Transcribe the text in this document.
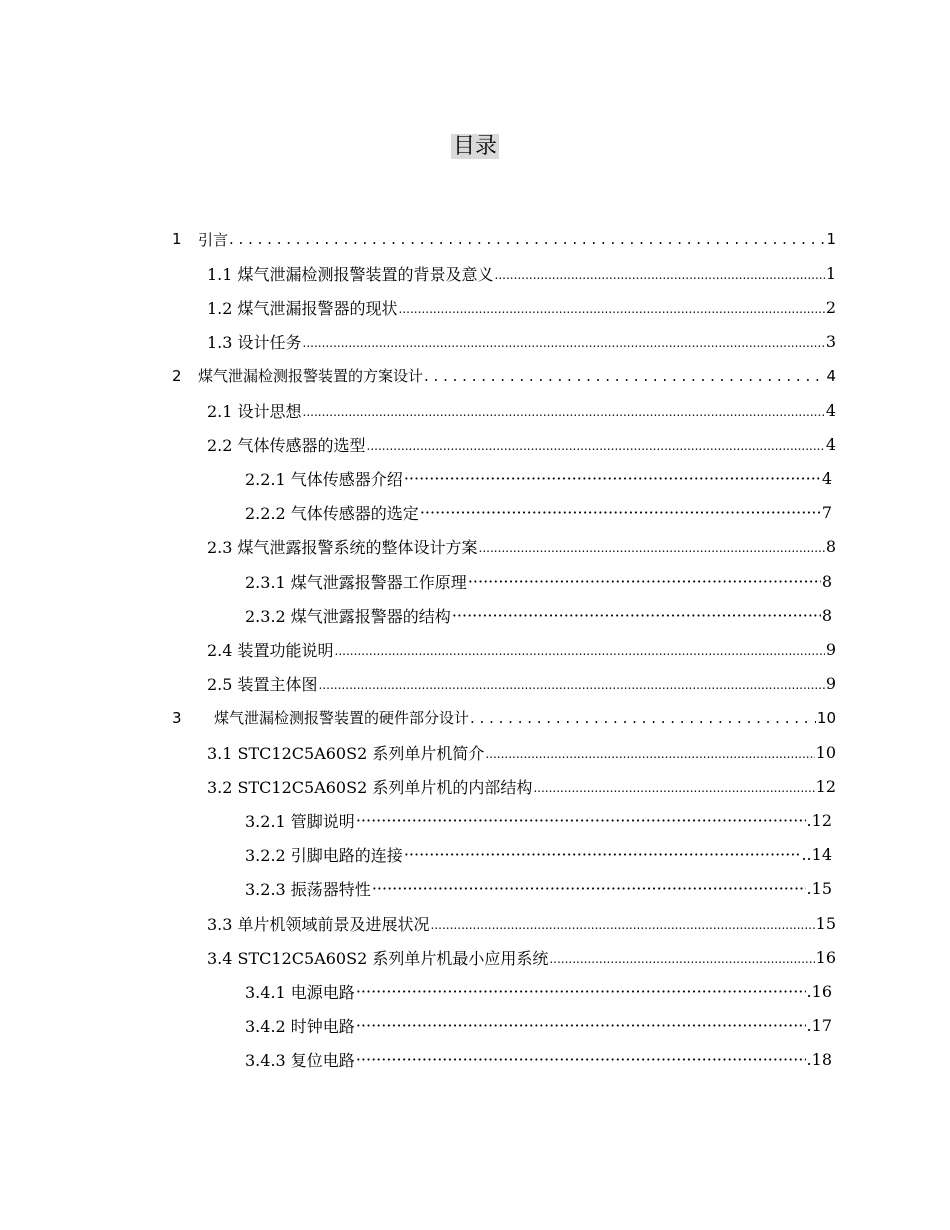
目录
1	引言 . . .	1
1.1 煤气泄漏检测报警装置的背景及意义 .....	1
1.2 煤气泄漏报警器的现状 .....	2
1.3 设计任务 .....	3
2	煤气泄漏检测报警装置的方案设计 . . .	4
2.1 设计思想 .....	4
2.2 气体传感器的选型 .....	4
2.2.1 气体传感器介绍 ·····	4
2.2.2 气体传感器的选定 ·····	7
2.3 煤气泄露报警系统的整体设计方案 .....	8
2.3.1 煤气泄露报警器工作原理 ·····	8
2.3.2 煤气泄露报警器的结构 ·····	8
2.4 装置功能说明 .....	9
2.5 装置主体图 .....	9
3	煤气泄漏检测报警装置的硬件部分设计 . . .	10
3.1 STC12C5A60S2 系列单片机简介 .....	10
3.2 STC12C5A60S2 系列单片机的内部结构 .....	12
3.2.1 管脚说明 ·····	.12
3.2.2 引脚电路的连接 ·····	..14
3.2.3 振荡器特性 ·····	.15
3.3 单片机领域前景及进展状况 .....	15
3.4 STC12C5A60S2 系列单片机最小应用系统 .....	16
3.4.1 电源电路 ·····	.16
3.4.2 时钟电路 ·····	.17
3.4.3 复位电路 ·····	.18
